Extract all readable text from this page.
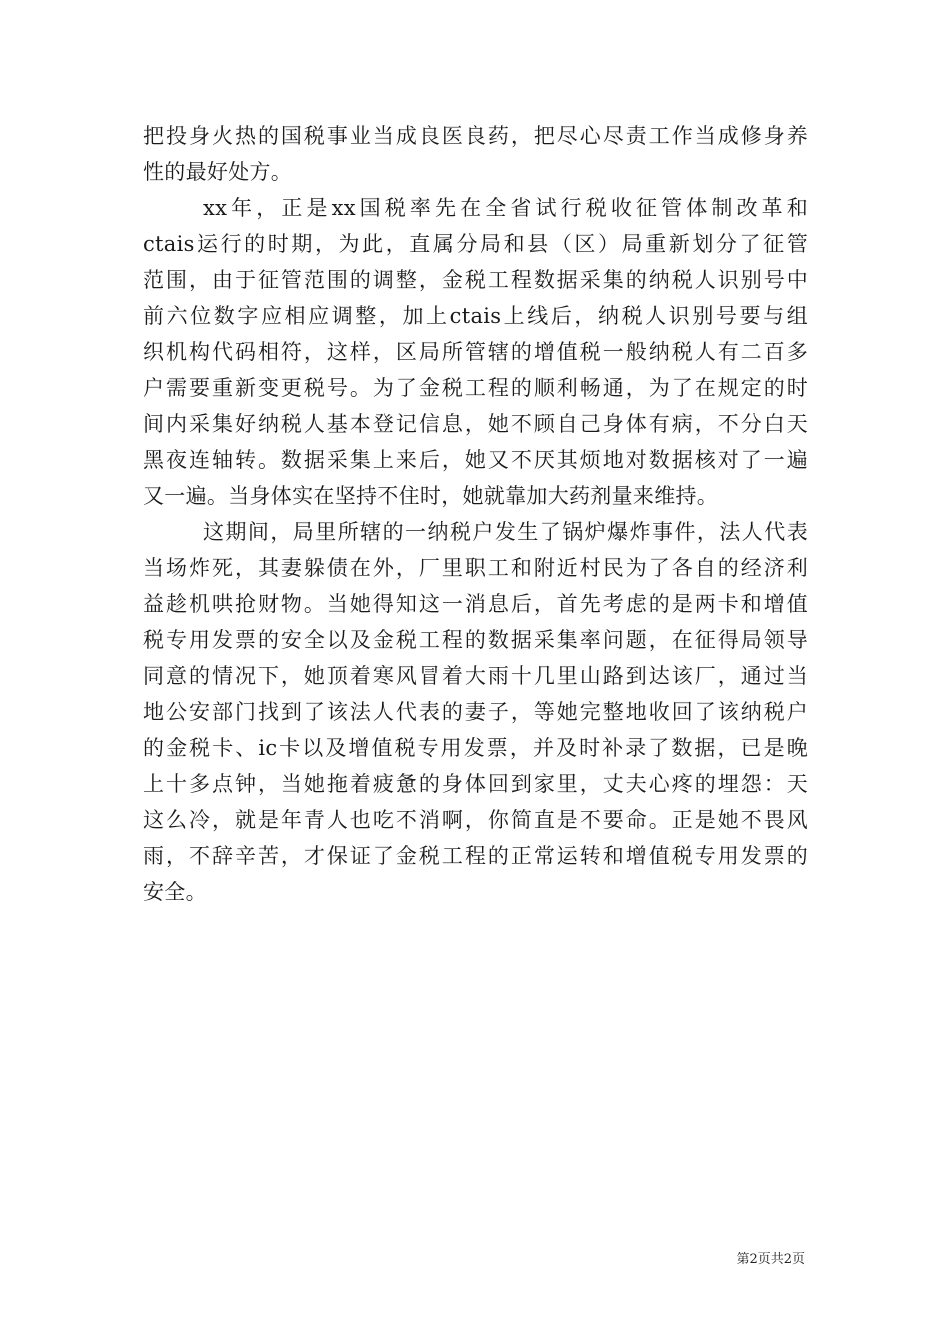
把投身火热的国税事业当成良医良药，把尽心尽责工作当成修身养
性的最好处方。
xx年，正是xx国税率先在全省试行税收征管体制改革和
ctais运行的时期，为此，直属分局和县（区）局重新划分了征管
范围，由于征管范围的调整，金税工程数据采集的纳税人识别号中
前六位数字应相应调整，加上ctais上线后，纳税人识别号要与组
织机构代码相符，这样，区局所管辖的增值税一般纳税人有二百多
户需要重新变更税号。为了金税工程的顺利畅通，为了在规定的时
间内采集好纳税人基本登记信息，她不顾自己身体有病，不分白天
黑夜连轴转。数据采集上来后，她又不厌其烦地对数据核对了一遍
又一遍。当身体实在坚持不住时，她就靠加大药剂量来维持。
这期间，局里所辖的一纳税户发生了锅炉爆炸事件，法人代表
当场炸死，其妻躲债在外，厂里职工和附近村民为了各自的经济利
益趁机哄抢财物。当她得知这一消息后，首先考虑的是两卡和增值
税专用发票的安全以及金税工程的数据采集率问题，在征得局领导
同意的情况下，她顶着寒风冒着大雨十几里山路到达该厂，通过当
地公安部门找到了该法人代表的妻子，等她完整地收回了该纳税户
的金税卡、ic卡以及增值税专用发票，并及时补录了数据，已是晚
上十多点钟，当她拖着疲惫的身体回到家里，丈夫心疼的埋怨：天
这么冷，就是年青人也吃不消啊，你简直是不要命。正是她不畏风
雨，不辞辛苦，才保证了金税工程的正常运转和增值税专用发票的
安全。
第2页共2页
